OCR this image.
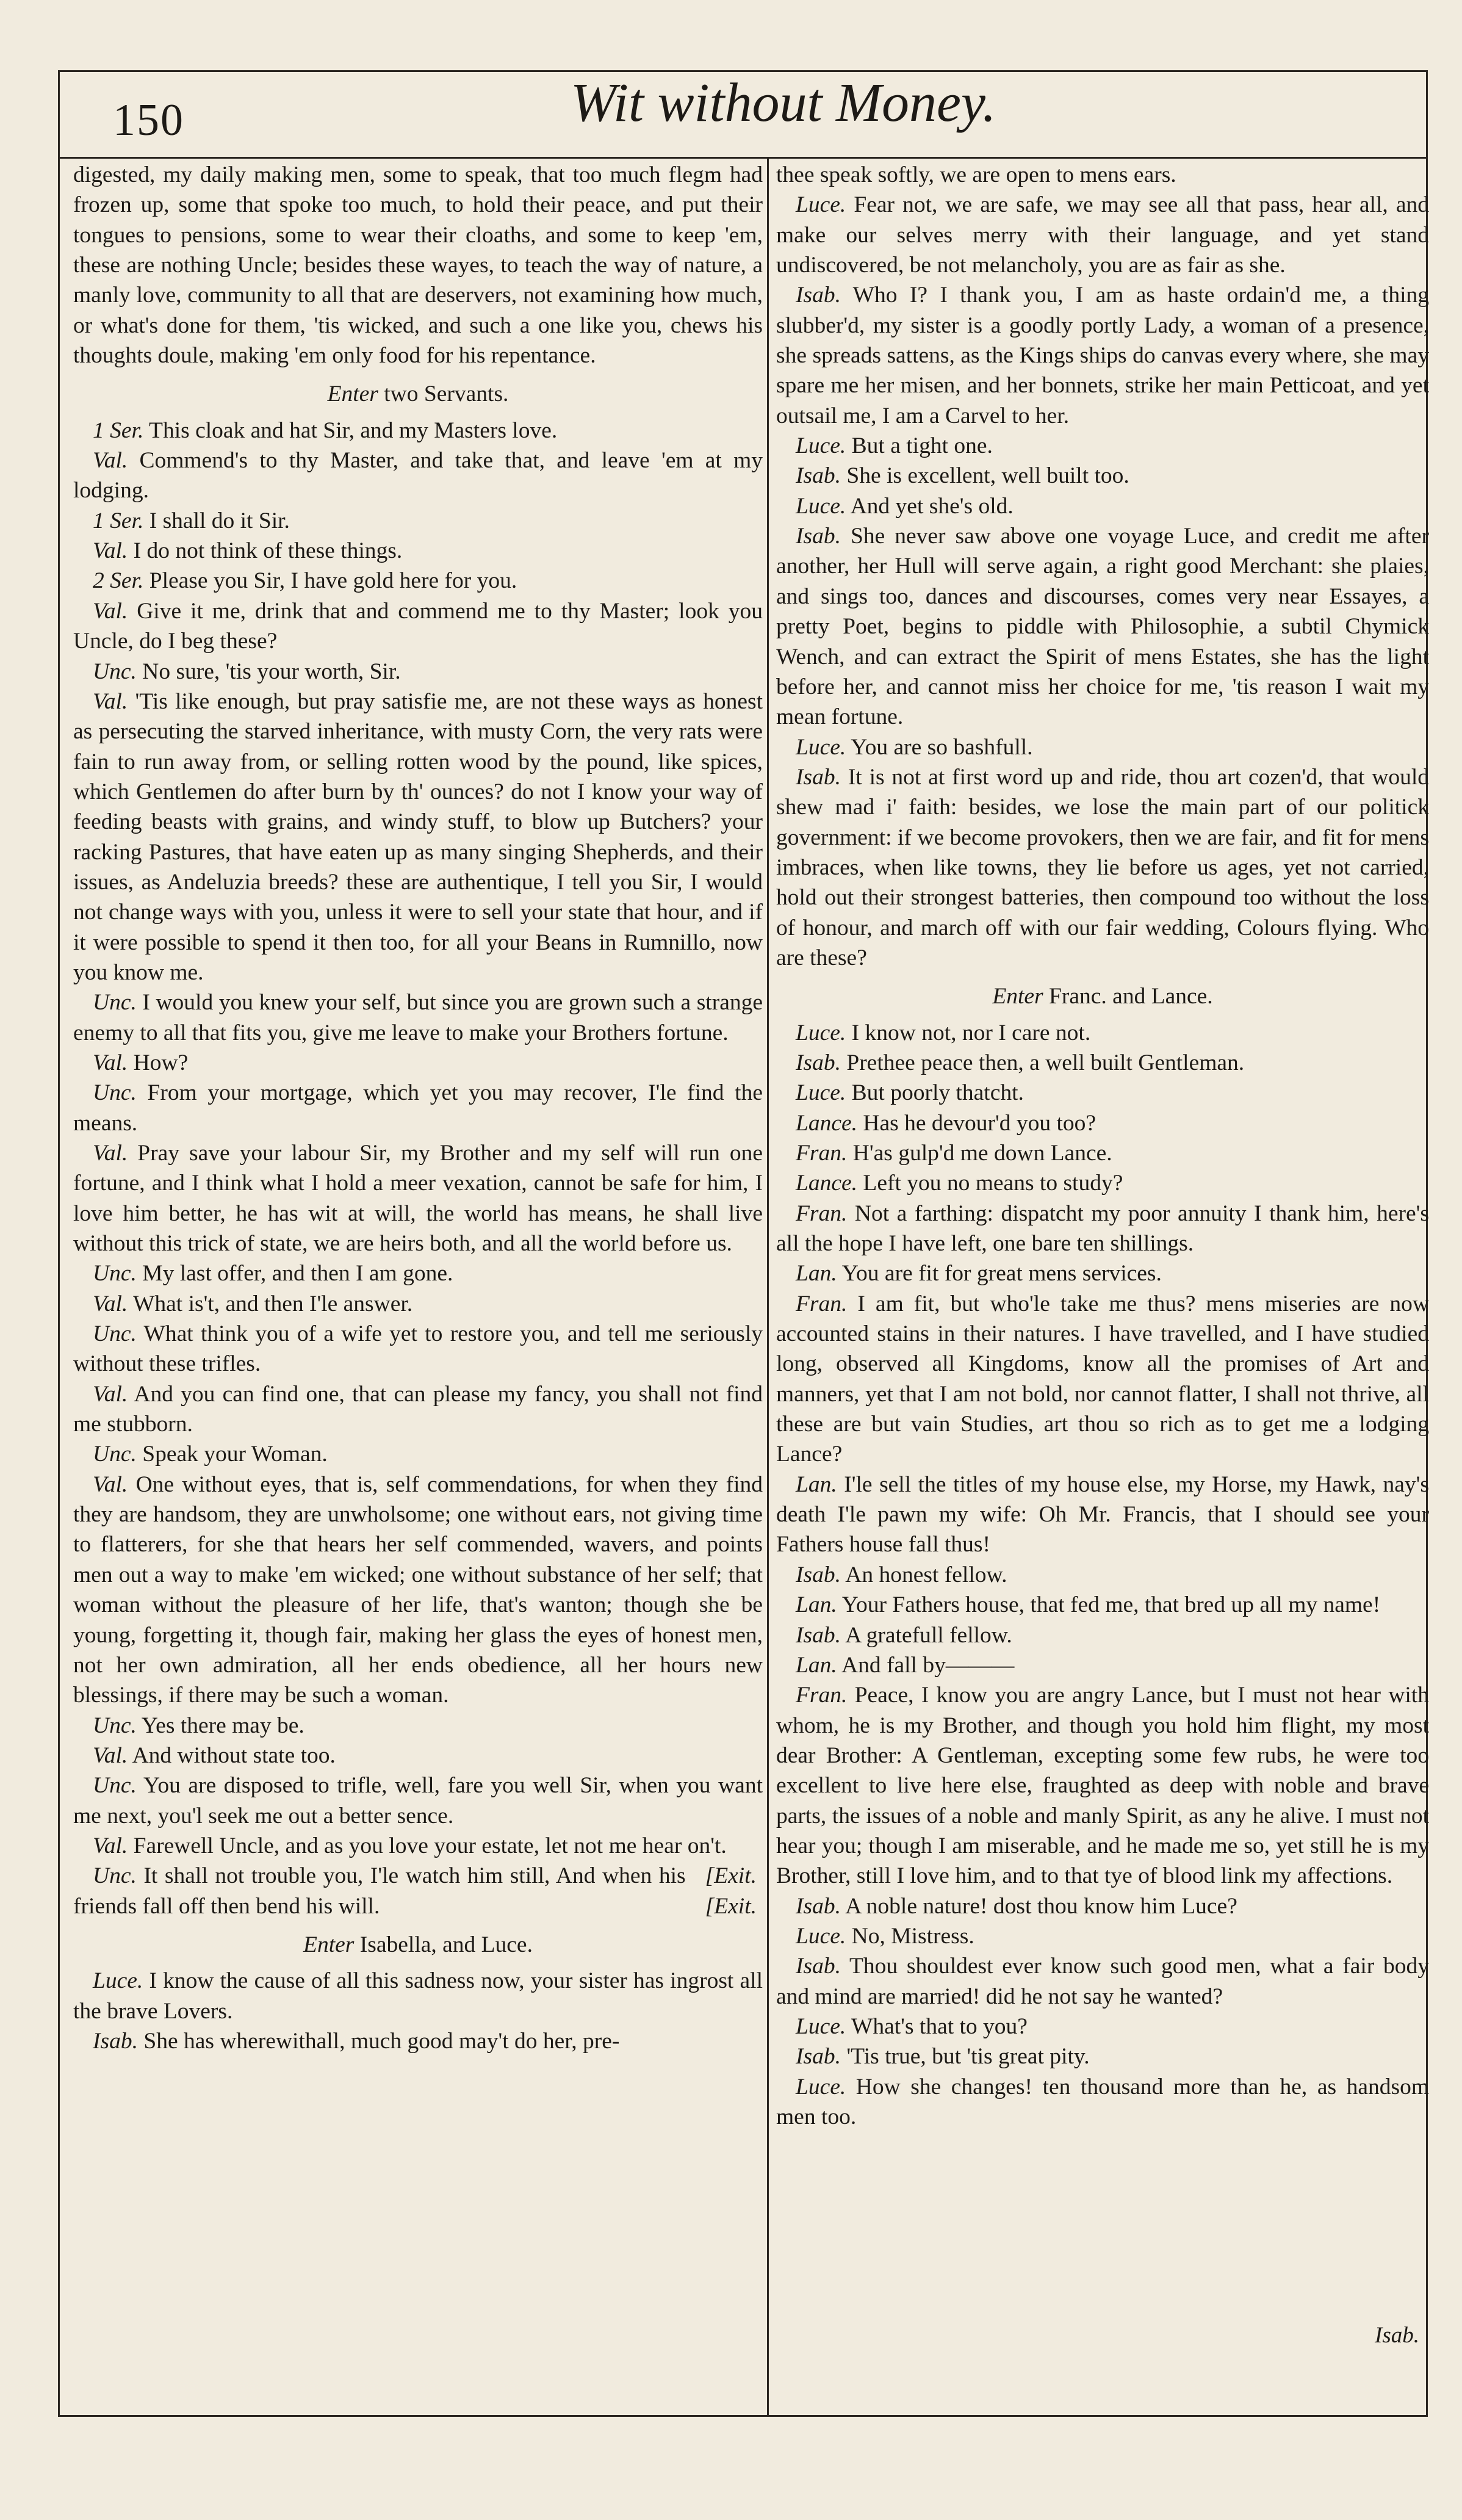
150	Wit without Money.

digested, my daily making men, some to speak, that too much flegm had frozen up, some that spoke too much, to hold their peace, and put their tongues to pensions, some to wear their cloaths, and some to keep 'em, these are nothing Uncle; besides these wayes, to teach the way of nature, a manly love, community to all that are deservers, not examining how much, or what's done for them, 'tis wicked, and such a one like you, chews his thoughts doule, making 'em only food for his repentance.

Enter two Servants.

1 Ser. This cloak and hat Sir, and my Masters love.

Val. Commend's to thy Master, and take that, and leave 'em at my lodging.

1 Ser. I shall do it Sir.

Val. I do not think of these things.

2 Ser. Please you Sir, I have gold here for you.

Val. Give it me, drink that and commend me to thy Master; look you Uncle, do I beg these?

Unc. No sure, 'tis your worth, Sir.

Val. 'Tis like enough, but pray satisfie me, are not these ways as honest as persecuting the starved inheritance, with musty Corn, the very rats were fain to run away from, or selling rotten wood by the pound, like spices, which Gentlemen do after burn by th' ounces? do not I know your way of feeding beasts with grains, and windy stuff, to blow up Butchers? your racking Pastures, that have eaten up as many singing Shepherds, and their issues, as Andeluzia breeds? these are authentique, I tell you Sir, I would not change ways with you, unless it were to sell your state that hour, and if it were possible to spend it then too, for all your Beans in Rumnillo, now you know me.

Unc. I would you knew your self, but since you are grown such a strange enemy to all that fits you, give me leave to make your Brothers fortune.

Val. How?

Unc. From your mortgage, which yet you may recover, I'le find the means.

Val. Pray save your labour Sir, my Brother and my self will run one fortune, and I think what I hold a meer vexation, cannot be safe for him, I love him better, he has wit at will, the world has means, he shall live without this trick of state, we are heirs both, and all the world before us.

Unc. My last offer, and then I am gone.

Val. What is't, and then I'le answer.

Unc. What think you of a wife yet to restore you, and tell me seriously without these trifles.

Val. And you can find one, that can please my fancy, you shall not find me stubborn.

Unc. Speak your Woman.

Val. One without eyes, that is, self commendations, for when they find they are handsom, they are unwholsome; one without ears, not giving time to flatterers, for she that hears her self commended, wavers, and points men out a way to make 'em wicked; one without substance of her self; that woman without the pleasure of her life, that's wanton; though she be young, forgetting it, though fair, making her glass the eyes of honest men, not her own admiration, all her ends obedience, all her hours new blessings, if there may be such a woman.

Unc. Yes there may be.

Val. And without state too.

Unc. You are disposed to trifle, well, fare you well Sir, when you want me next, you'l seek me out a better sence.

Val. Farewell Uncle, and as you love your estate, let not me hear on't.
[Exit.

Unc. It shall not trouble you, I'le watch him still, And when his friends fall off then bend his will.	[Exit.

Enter Isabella, and Luce.

Luce. I know the cause of all this sadness now, your sister has ingrost all the brave Lovers.

Isab. She has wherewithall, much good may't do her, pre-

thee speak softly, we are open to mens ears.

Luce. Fear not, we are safe, we may see all that pass, hear all, and make our selves merry with their language, and yet stand undiscovered, be not melancholy, you are as fair as she.

Isab. Who I? I thank you, I am as haste ordain'd me, a thing slubber'd, my sister is a goodly portly Lady, a woman of a presence, she spreads sattens, as the Kings ships do canvas every where, she may spare me her misen, and her bonnets, strike her main Petticoat, and yet outsail me, I am a Carvel to her.

Luce. But a tight one.

Isab. She is excellent, well built too.

Luce. And yet she's old.

Isab. She never saw above one voyage Luce, and credit me after another, her Hull will serve again, a right good Merchant: she plaies, and sings too, dances and discourses, comes very near Essayes, a pretty Poet, begins to piddle with Philosophie, a subtil Chymick Wench, and can extract the Spirit of mens Estates, she has the light before her, and cannot miss her choice for me, 'tis reason I wait my mean fortune.

Luce. You are so bashfull.

Isab. It is not at first word up and ride, thou art cozen'd, that would shew mad i' faith: besides, we lose the main part of our politick government: if we become provokers, then we are fair, and fit for mens imbraces, when like towns, they lie before us ages, yet not carried, hold out their strongest batteries, then compound too without the loss of honour, and march off with our fair wedding, Colours flying. Who are these?

Enter Franc. and Lance.

Luce. I know not, nor I care not.

Isab. Prethee peace then, a well built Gentleman.

Luce. But poorly thatcht.

Lance. Has he devour'd you too?

Fran. H'as gulp'd me down Lance.

Lance. Left you no means to study?

Fran. Not a farthing: dispatcht my poor annuity I thank him, here's all the hope I have left, one bare ten shillings.

Lan. You are fit for great mens services.

Fran. I am fit, but who'le take me thus? mens miseries are now accounted stains in their natures. I have travelled, and I have studied long, observed all Kingdoms, know all the promises of Art and manners, yet that I am not bold, nor cannot flatter, I shall not thrive, all these are but vain Studies, art thou so rich as to get me a lodging Lance?

Lan. I'le sell the titles of my house else, my Horse, my Hawk, nay's death I'le pawn my wife: Oh Mr. Francis, that I should see your Fathers house fall thus!

Isab. An honest fellow.

Lan. Your Fathers house, that fed me, that bred up all my name!

Isab. A gratefull fellow.

Lan. And fall by———

Fran. Peace, I know you are angry Lance, but I must not hear with whom, he is my Brother, and though you hold him flight, my most dear Brother: A Gentleman, excepting some few rubs, he were too excellent to live here else, fraughted as deep with noble and brave parts, the issues of a noble and manly Spirit, as any he alive. I must not hear you; though I am miserable, and he made me so, yet still he is my Brother, still I love him, and to that tye of blood link my affections.

Isab. A noble nature! dost thou know him Luce?

Luce. No, Mistress.

Isab. Thou shouldest ever know such good men, what a fair body and mind are married! did he not say he wanted?

Luce. What's that to you?

Isab. 'Tis true, but 'tis great pity.

Luce. How she changes! ten thousand more than he, as handsom men too.

Isab.
